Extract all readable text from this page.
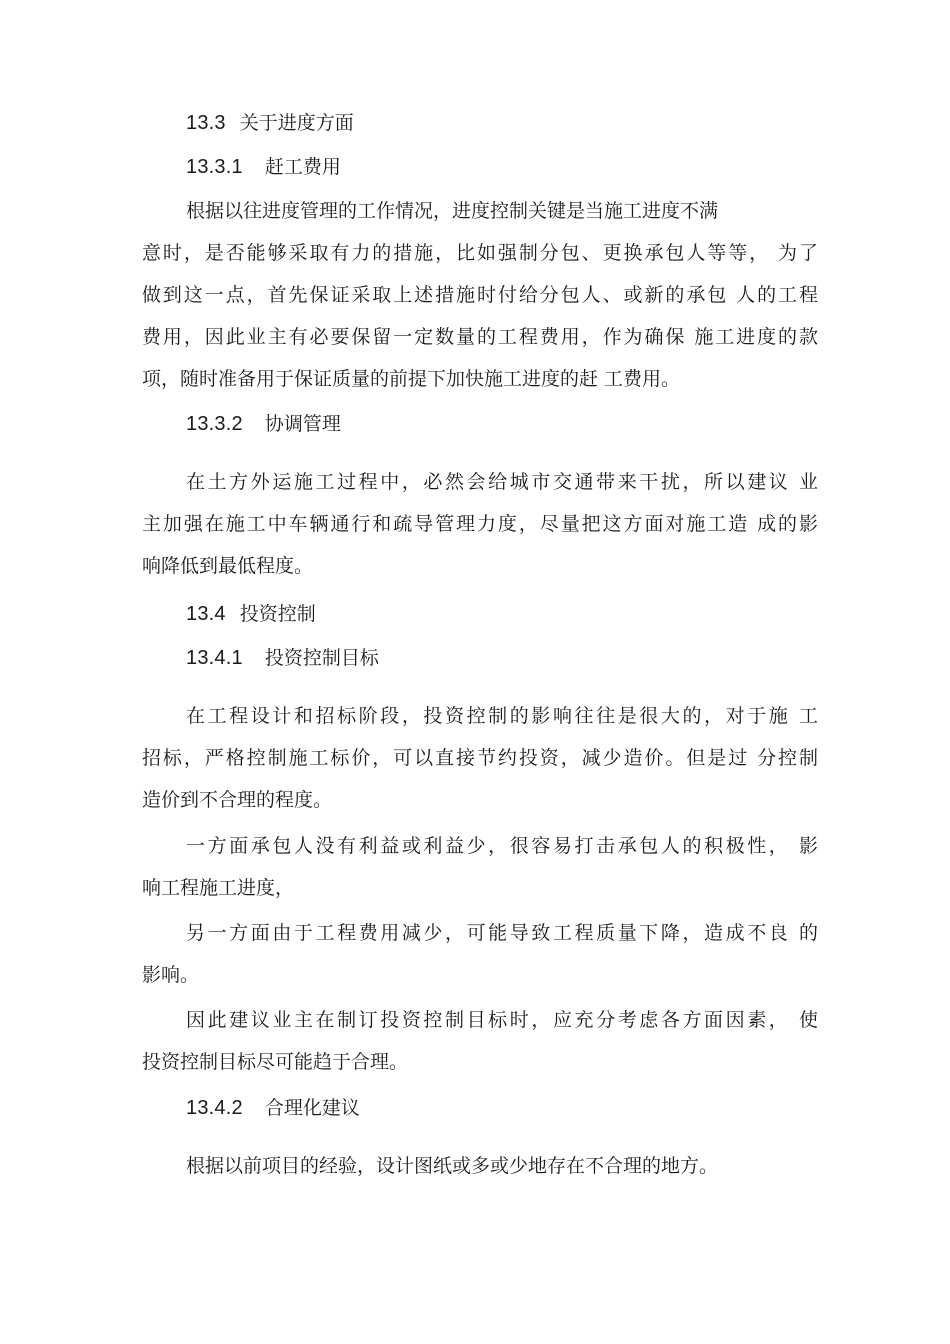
13.3 关于进度方面

13.3.1 赶工费用

根据以往进度管理的工作情况，进度控制关键是当施工进度不满
意时，是否能够采取有力的措施，比如强制分包、更换承包人等等， 为了
做到这一点，首先保证采取上述措施时付给分包人、或新的承包 人的工程
费用，因此业主有必要保留一定数量的工程费用，作为确保 施工进度的款
项，随时准备用于保证质量的前提下加快施工进度的赶 工费用。

13.3.2 协调管理

在土方外运施工过程中，必然会给城市交通带来干扰，所以建议 业
主加强在施工中车辆通行和疏导管理力度，尽量把这方面对施工造 成的影
响降低到最低程度。

13.4 投资控制

13.4.1 投资控制目标

在工程设计和招标阶段，投资控制的影响往往是很大的，对于施 工
招标，严格控制施工标价，可以直接节约投资，减少造价。但是过 分控制
造价到不合理的程度。
一方面承包人没有利益或利益少，很容易打击承包人的积极性， 影
响工程施工进度，
另一方面由于工程费用减少，可能导致工程质量下降，造成不良 的
影响。
因此建议业主在制订投资控制目标时，应充分考虑各方面因素， 使
投资控制目标尽可能趋于合理。

13.4.2 合理化建议

根据以前项目的经验，设计图纸或多或少地存在不合理的地方。
